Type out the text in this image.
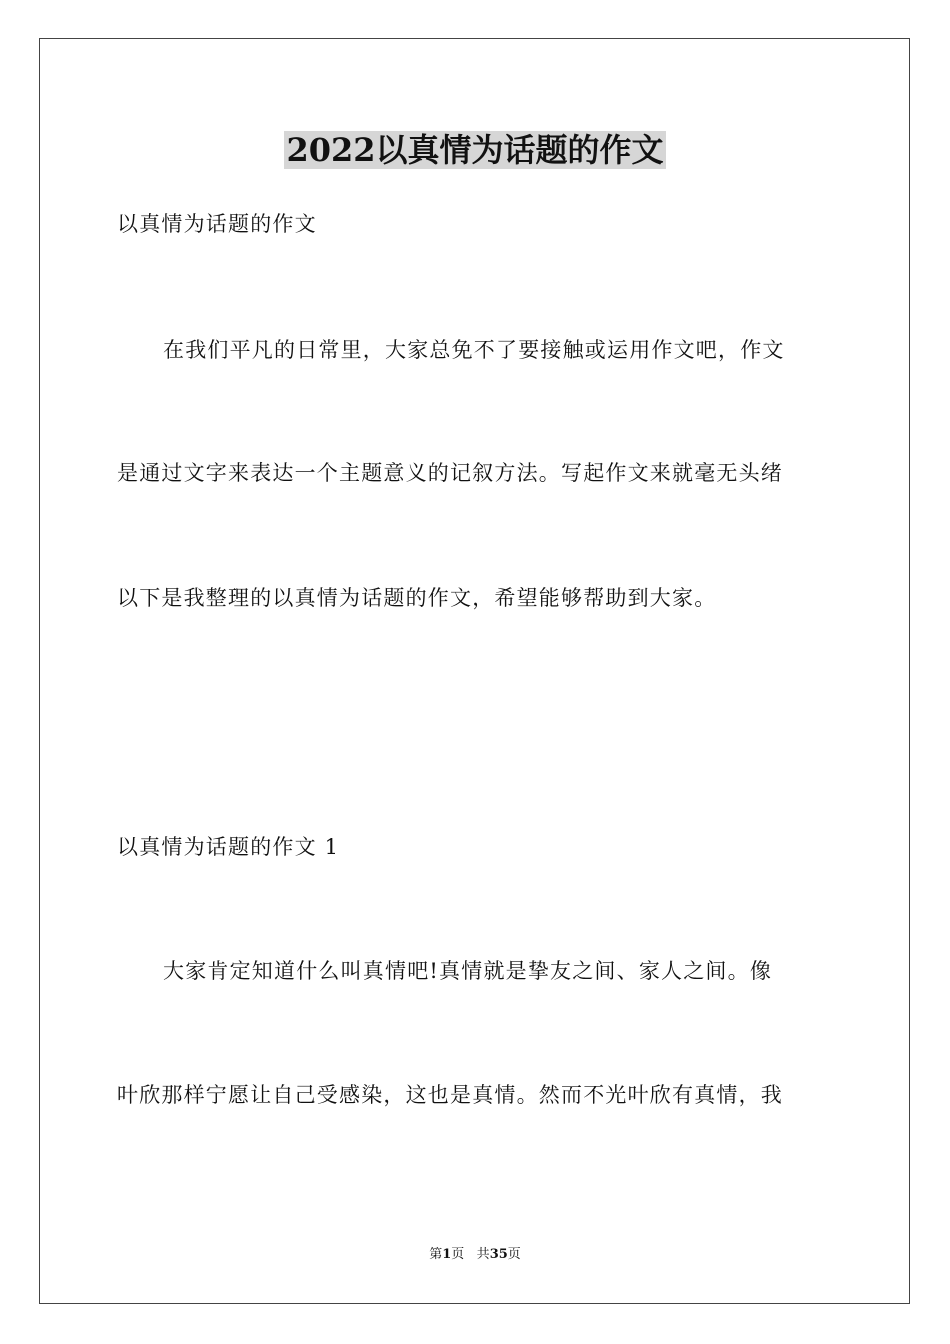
2022以真情为话题的作文
以真情为话题的作文
在我们平凡的日常里，大家总免不了要接触或运用作文吧，作文
是通过文字来表达一个主题意义的记叙方法。写起作文来就毫无头绪
以下是我整理的以真情为话题的作文，希望能够帮助到大家。
以真情为话题的作文 1
大家肯定知道什么叫真情吧!真情就是挚友之间、家人之间。像
叶欣那样宁愿让自己受感染，这也是真情。然而不光叶欣有真情，我
第1页 共35页
